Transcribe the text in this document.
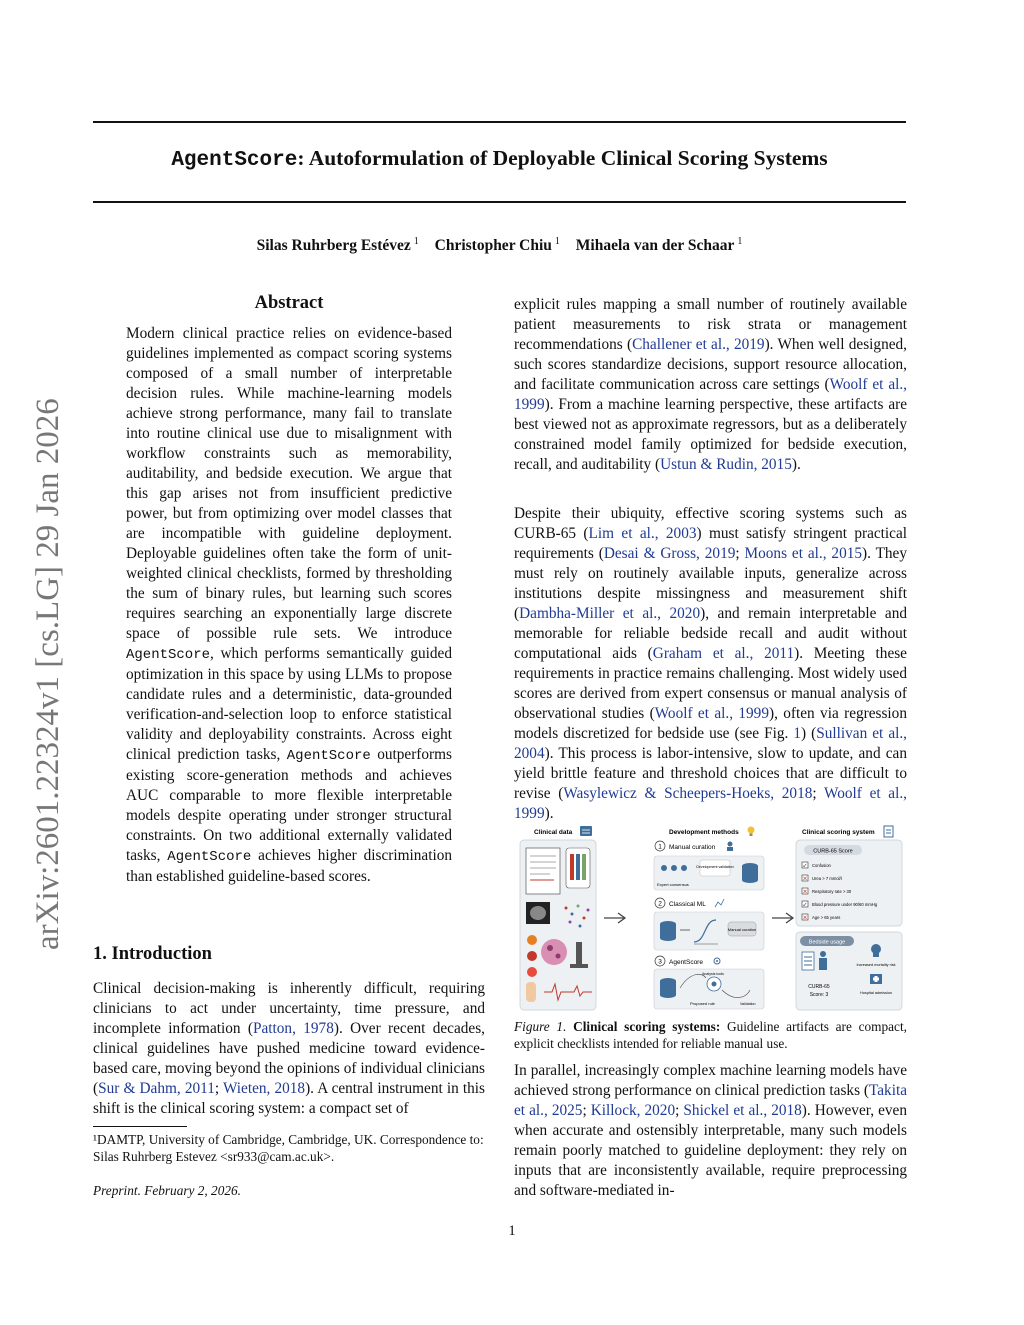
arXiv:2601.22324v1 [cs.LG] 29 Jan 2026
AgentScore: Autoformulation of Deployable Clinical Scoring Systems
Silas Ruhrberg Estévez $^1$ Christopher Chiu $^1$ Mihaela van der Schaar $^1$
Abstract
Modern clinical practice relies on evidence-based guidelines implemented as compact scoring systems composed of a small number of interpretable decision rules. While machine-learning models achieve strong performance, many fail to translate into routine clinical use due to misalignment with workflow constraints such as memorability, auditability, and bedside execution. We argue that this gap arises not from insufficient predictive power, but from optimizing over model classes that are incompatible with guideline deployment. Deployable guidelines often take the form of unit-weighted clinical checklists, formed by thresholding the sum of binary rules, but learning such scores requires searching an exponentially large discrete space of possible rule sets. We introduce AgentScore, which performs semantically guided optimization in this space by using LLMs to propose candidate rules and a deterministic, data-grounded verification-and-selection loop to enforce statistical validity and deployability constraints. Across eight clinical prediction tasks, AgentScore outperforms existing score-generation methods and achieves AUC comparable to more flexible interpretable models despite operating under stronger structural constraints. On two additional externally validated tasks, AgentScore achieves higher discrimination than established guideline-based scores.
1. Introduction
Clinical decision-making is inherently difficult, requiring clinicians to act under uncertainty, time pressure, and incomplete information (Patton, 1978). Over recent decades, clinical guidelines have pushed medicine toward evidence-based care, moving beyond the opinions of individual clinicians (Sur & Dahm, 2011; Wieten, 2018). A central instrument in this shift is the clinical scoring system: a compact set of
¹DAMTP, University of Cambridge, Cambridge, UK. Correspondence to: Silas Ruhrberg Estevez <sr933@cam.ac.uk>.
Preprint. February 2, 2026.
explicit rules mapping a small number of routinely available patient measurements to risk strata or management recommendations (Challener et al., 2019). When well designed, such scores standardize decisions, support resource allocation, and facilitate communication across care settings (Woolf et al., 1999). From a machine learning perspective, these artifacts are best viewed not as approximate regressors, but as a deliberately constrained model family optimized for bedside execution, recall, and auditability (Ustun & Rudin, 2015).
Despite their ubiquity, effective scoring systems such as CURB-65 (Lim et al., 2003) must satisfy stringent practical requirements (Desai & Gross, 2019; Moons et al., 2015). They must rely on routinely available inputs, generalize across institutions despite missingness and measurement shift (Dambha-Miller et al., 2020), and remain interpretable and memorable for reliable bedside recall and audit without computational aids (Graham et al., 2011). Meeting these requirements in practice remains challenging. Most widely used scores are derived from expert consensus or manual analysis of observational studies (Woolf et al., 1999), often via regression models discretized for bedside use (see Fig. 1) (Sullivan et al., 2004). This process is labor-intensive, slow to update, and can yield brittle feature and threshold choices that are difficult to revise (Wasylewicz & Scheepers-Hoeks, 2018; Woolf et al., 1999).
Clinical data	Development methods	Clinical scoring system
1 Manual curation
Expert consensus
Development validation
2 Classical ML
Manual curation
3 AgentScore
Analysis tools
Proposed rule	Validation
CURB-65 Score
✓ Confusion
✕ Urea > 7 mmol/l
✕ Respiratory rate > 30
✓ Blood pressure under 90/60 mmHg
✕ Age > 65 years
Bedside usage
Increased mortality risk
CURB-65
Score: 3	Hospital admission
Figure 1. Clinical scoring systems: Guideline artifacts are compact, explicit checklists intended for reliable manual use.
In parallel, increasingly complex machine learning models have achieved strong performance on clinical prediction tasks (Takita et al., 2025; Killock, 2020; Shickel et al., 2018). However, even when accurate and ostensibly interpretable, many such models remain poorly matched to guideline deployment: they rely on inputs that are inconsistently available, require preprocessing and software-mediated in-
1
